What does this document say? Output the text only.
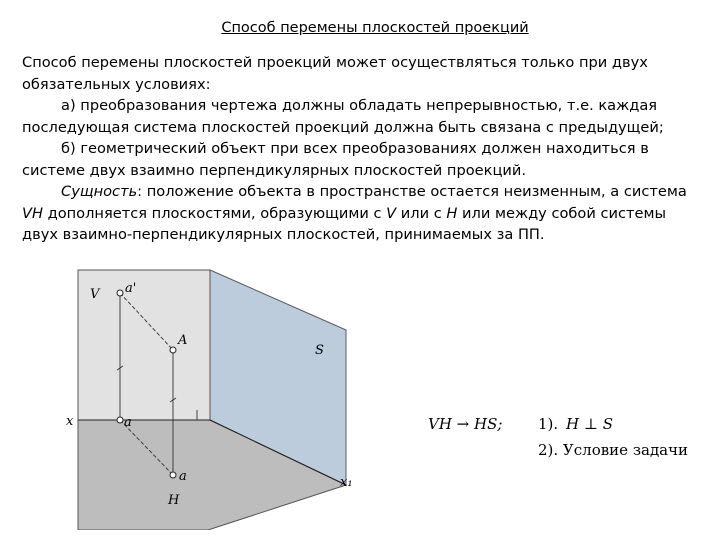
Способ перемены плоскостей проекций

Способ перемены плоскостей проекций может осуществляться только при двух обязательных условиях:

а) преобразования чертежа должны обладать непрерывностью, т.е. каждая последующая система плоскостей проекций должна быть связана с предыдущей;

б) геометрический объект при всех преобразованиях должен находиться в системе двух взаимно перпендикулярных плоскостей проекций.

Сущность: положение объекта в пространстве остается неизменным, а система
VH дополняется плоскостями, образующими с V или с H или между собой системы двух взаимно-перпендикулярных плоскостей, принимаемых за ПП.

V a'
A
S
x	a
a
H
x₁
VH → HS; 1). H ⊥ S
2). Условие задачи
